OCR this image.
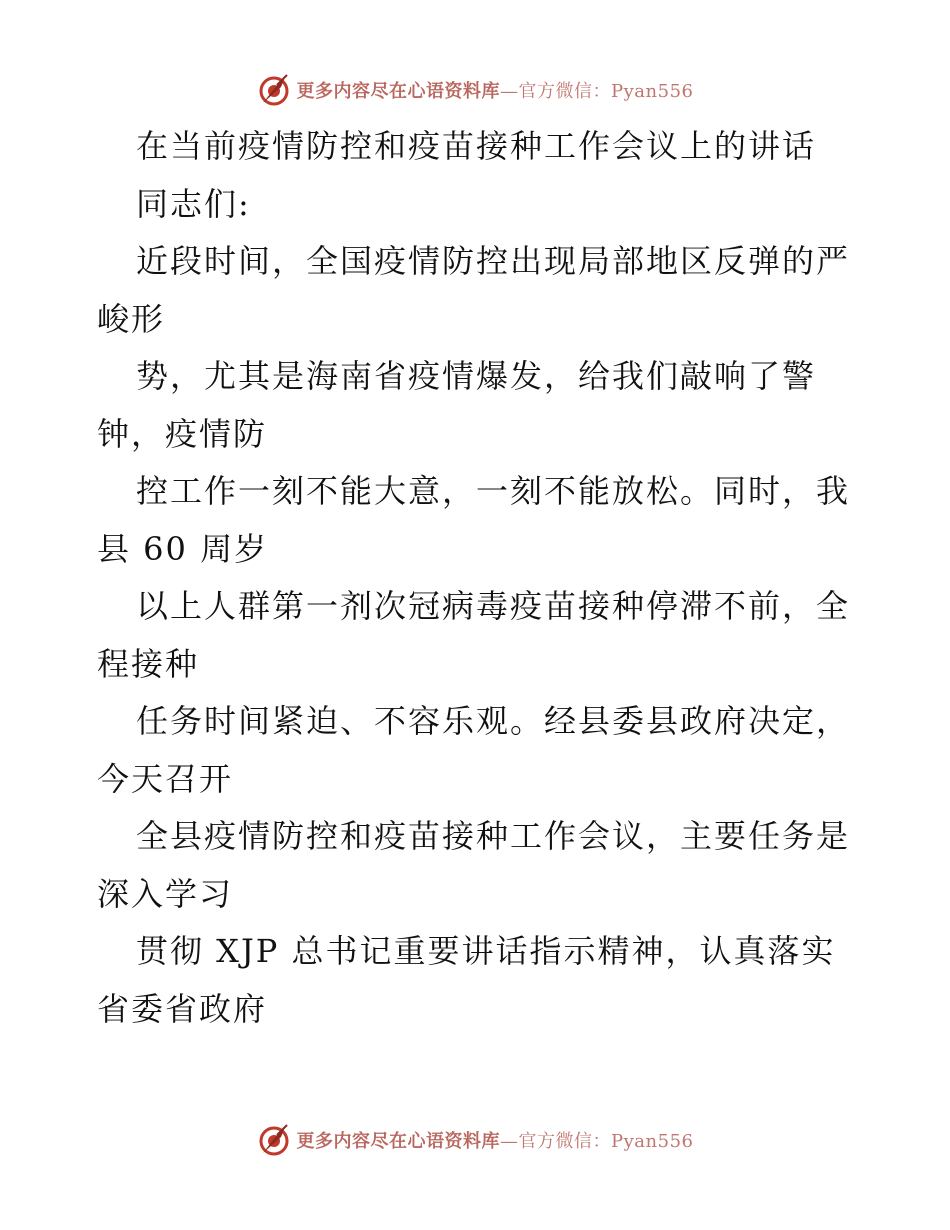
更多内容尽在心语资料库—官方微信：Pyan556
在当前疫情防控和疫苗接种工作会议上的讲话
同志们:
近段时间，全国疫情防控出现局部地区反弹的严
峻形
势，尤其是海南省疫情爆发，给我们敲响了警
钟，疫情防
控工作一刻不能大意，一刻不能放松。同时，我
县 60 周岁
以上人群第一剂次冠病毒疫苗接种停滞不前，全
程接种
任务时间紧迫、不容乐观。经县委县政府决定，
今天召开
全县疫情防控和疫苗接种工作会议，主要任务是
深入学习
贯彻 XJP 总书记重要讲话指示精神，认真落实
省委省政府
更多内容尽在心语资料库—官方微信：Pyan556
